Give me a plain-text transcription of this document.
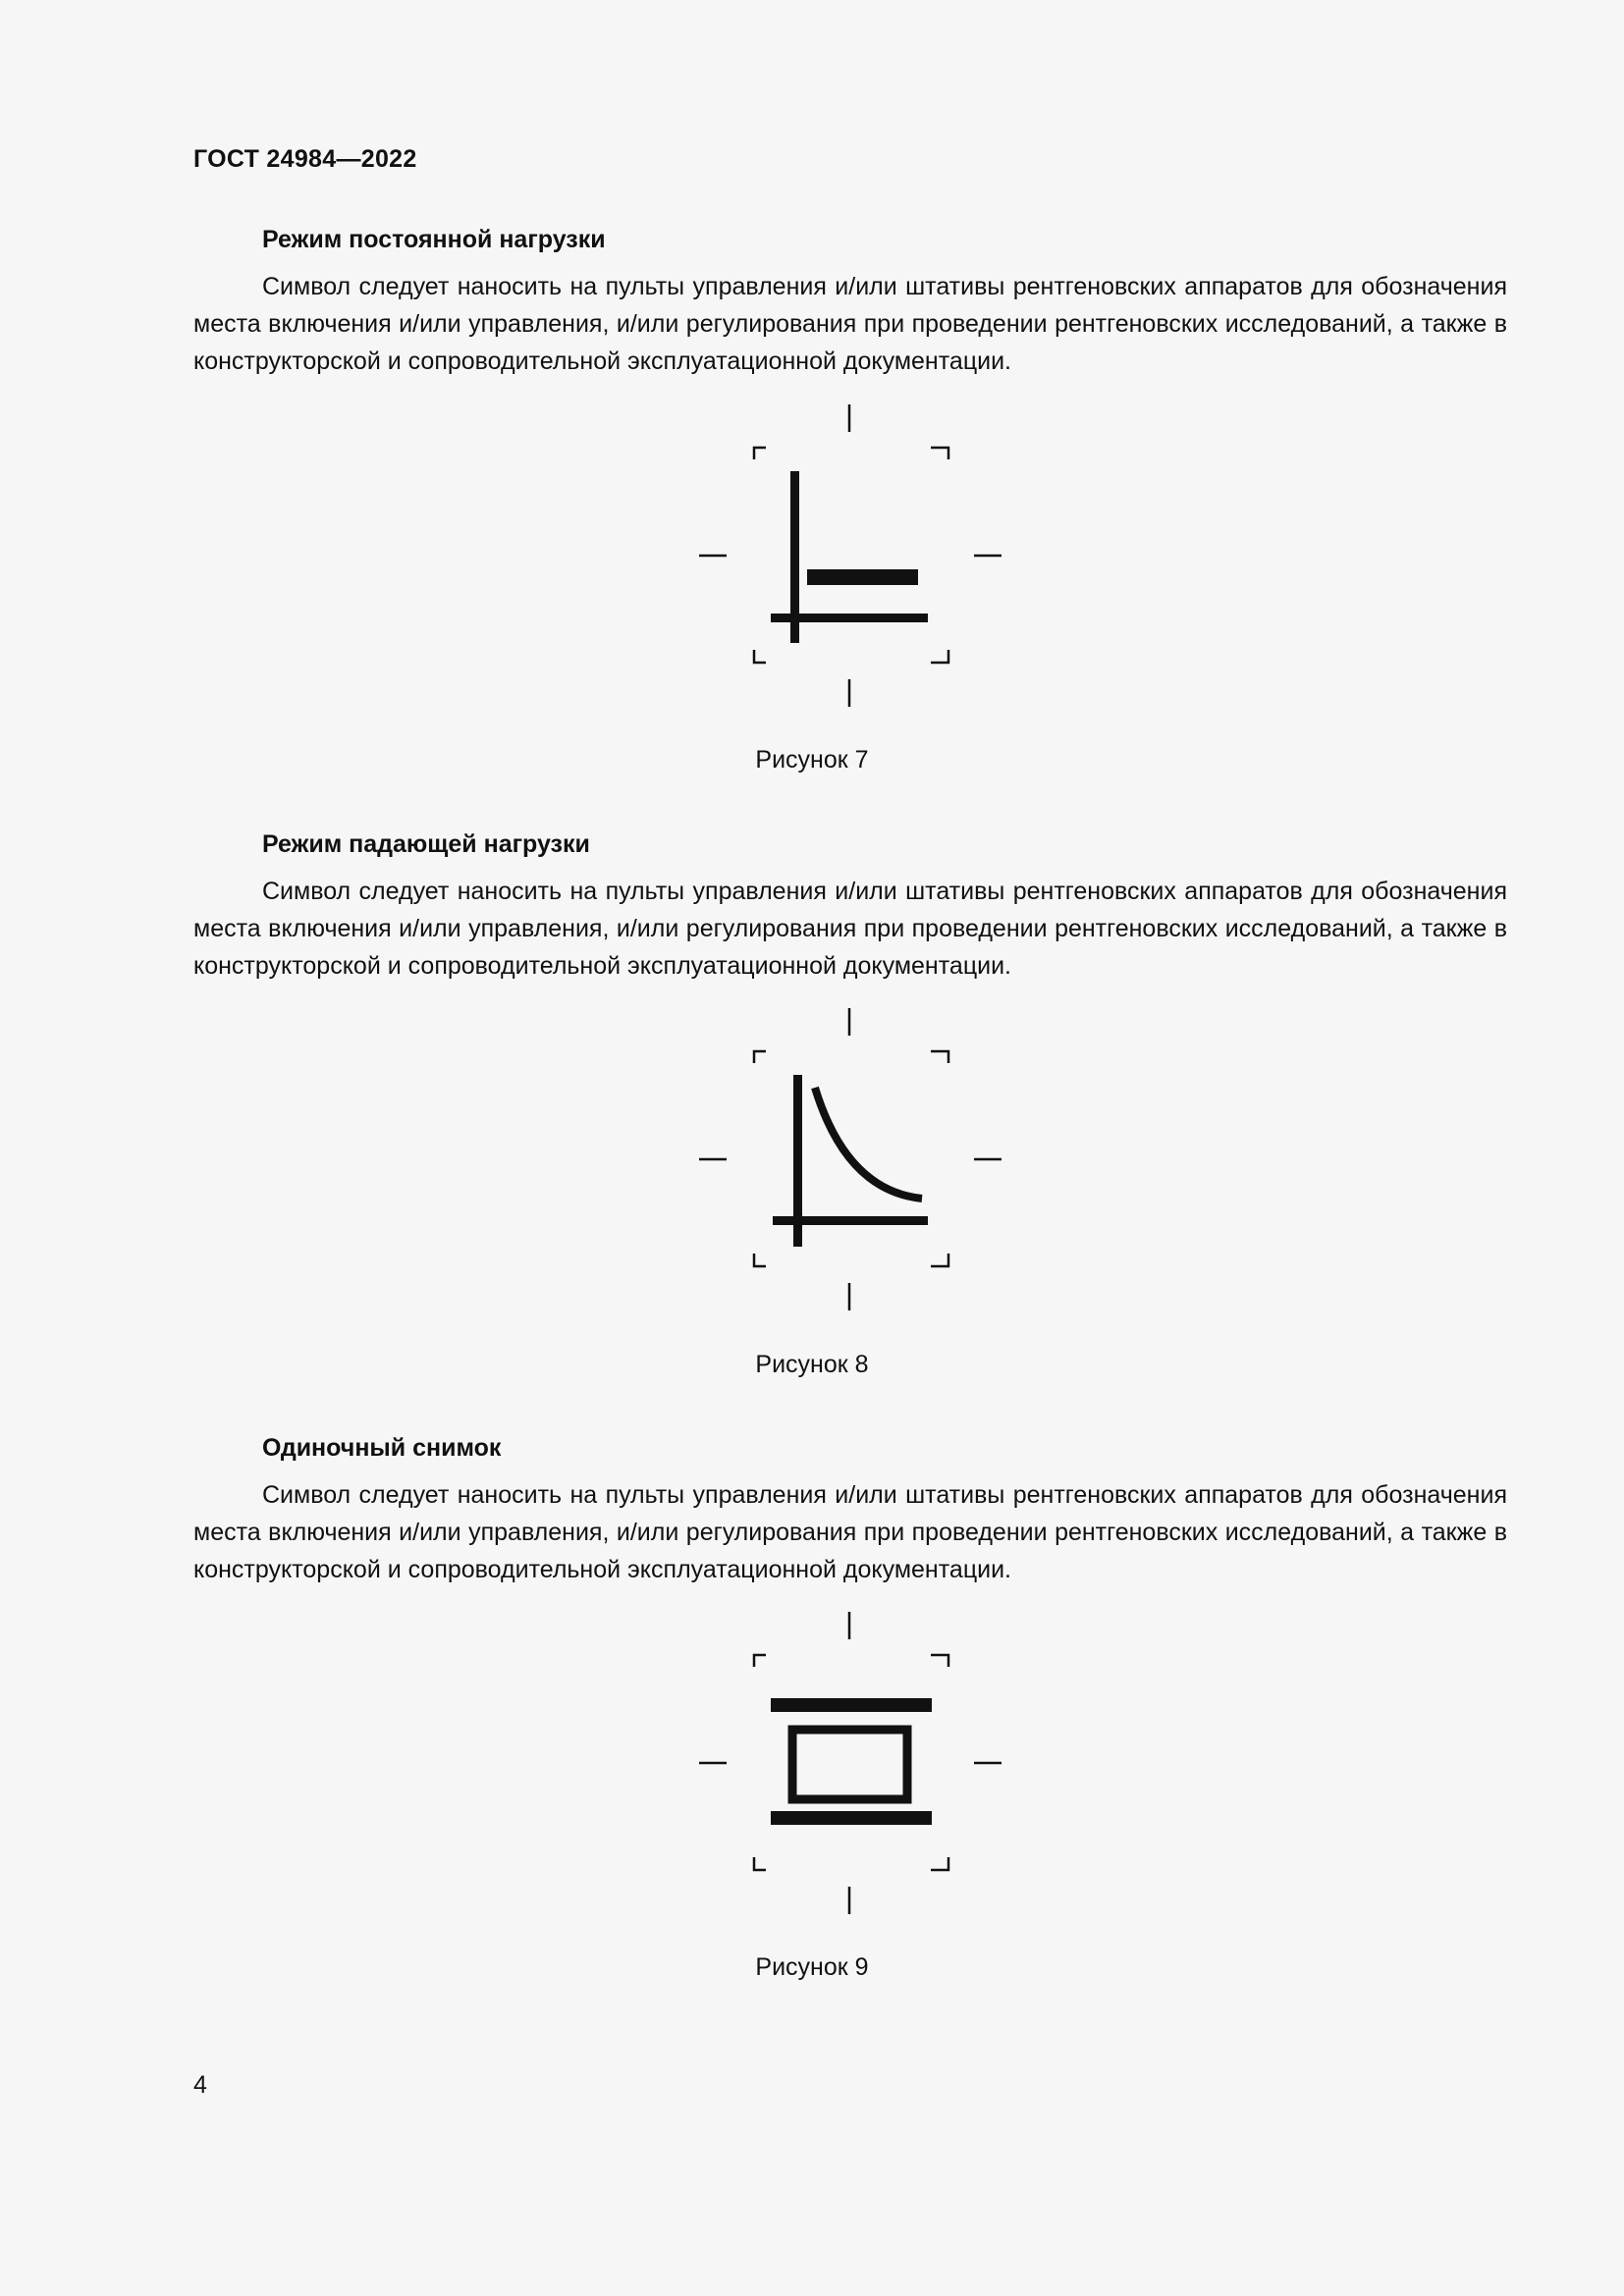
ГОСТ 24984—2022
Режим постоянной нагрузки

Символ следует наносить на пульты управления и/или штативы рентгеновских аппаратов для обозначения места включения и/или управления, и/или регулирования при проведении рентгеновских исследований, а также в конструкторской и сопроводительной эксплуатационной документации.

Рисунок 7
Режим падающей нагрузки

Символ следует наносить на пульты управления и/или штативы рентгеновских аппаратов для обозначения места включения и/или управления, и/или регулирования при проведении рентгеновских исследований, а также в конструкторской и сопроводительной эксплуатационной документации.

Рисунок 8
Одиночный снимок

Символ следует наносить на пульты управления и/или штативы рентгеновских аппаратов для обозначения места включения и/или управления, и/или регулирования при проведении рентгеновских исследований, а также в конструкторской и сопроводительной эксплуатационной документации.

Рисунок 9
4
